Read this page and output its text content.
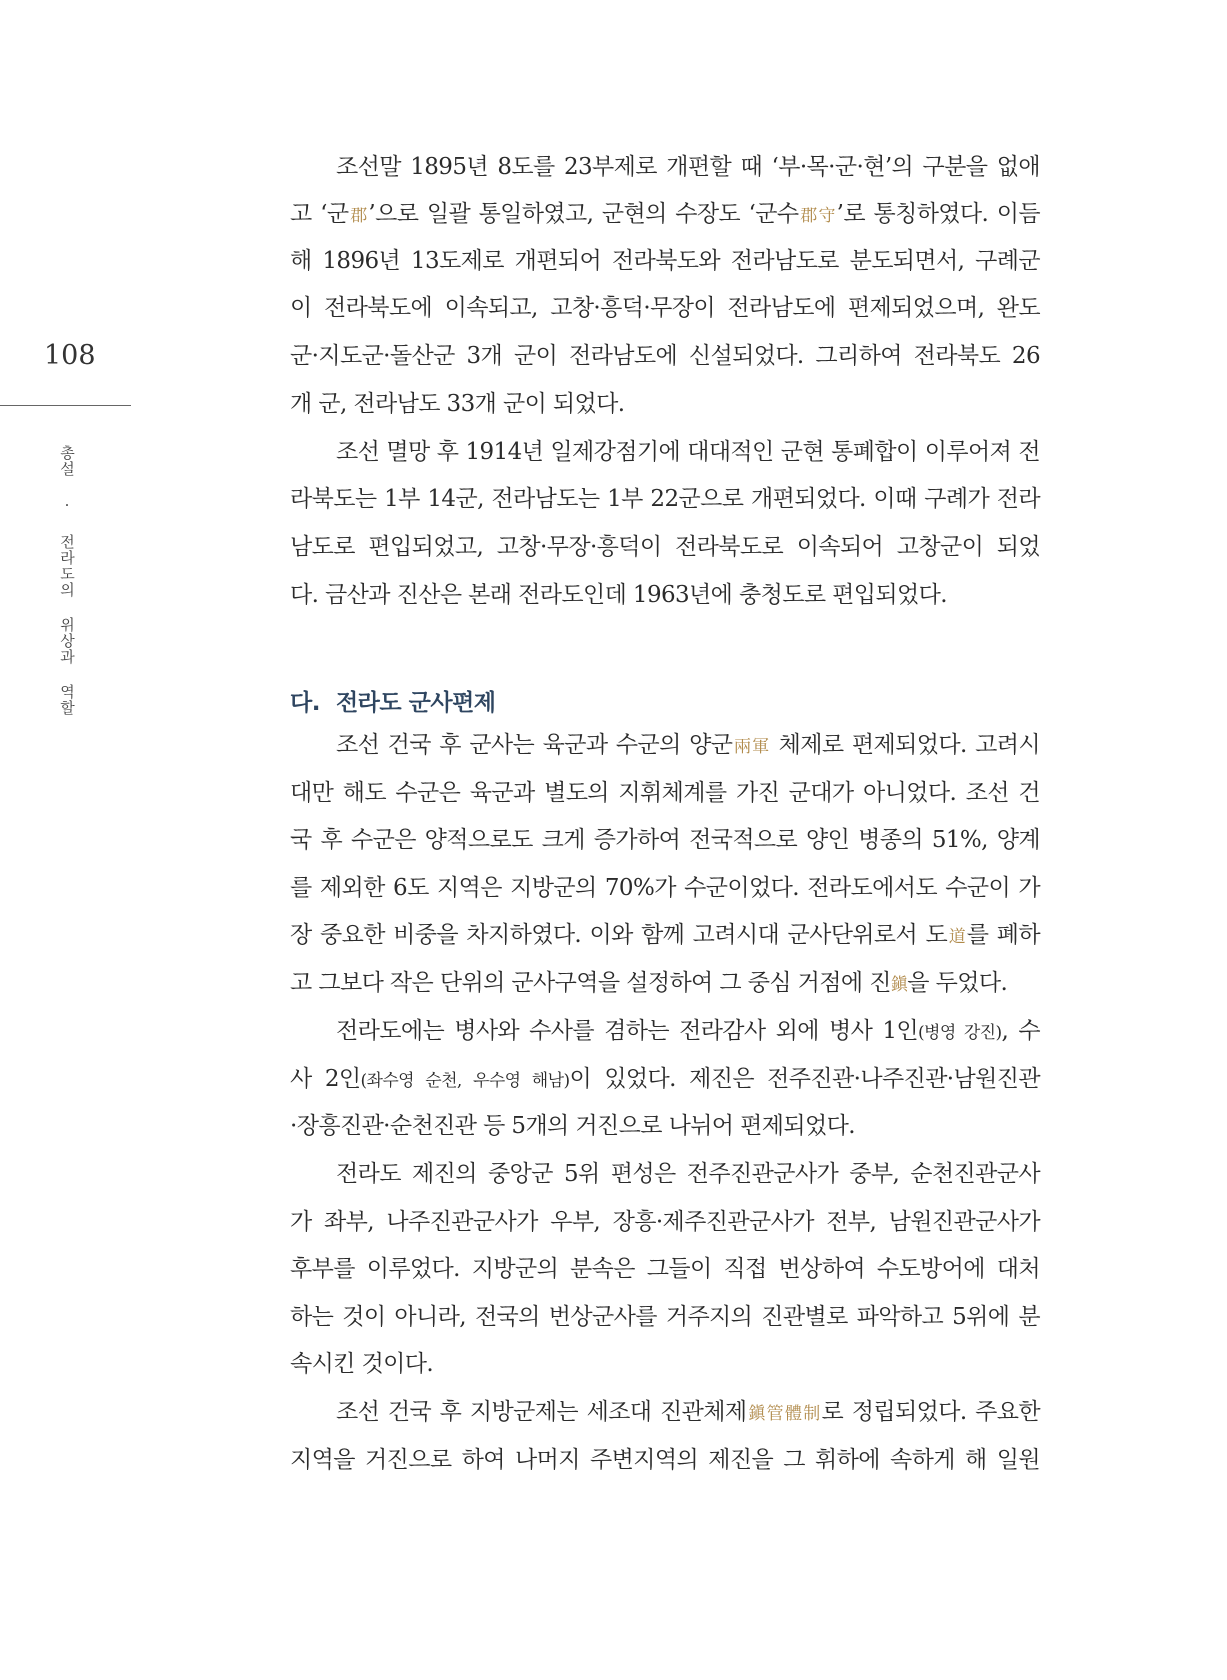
108
총설 · 전라도의 위상과 역할	다. 전라도 군사편제
조선말 1895년 8도를 23부제로 개편할 때 ‘부·목·군·현’의 구분을 없애
고 ‘군郡’으로 일괄 통일하였고, 군현의 수장도 ‘군수郡守’로 통칭하였다. 이듬
해 1896년 13도제로 개편되어 전라북도와 전라남도로 분도되면서, 구례군
이 전라북도에 이속되고, 고창·흥덕·무장이 전라남도에 편제되었으며, 완도
군·지도군·돌산군 3개 군이 전라남도에 신설되었다. 그리하여 전라북도 26
개 군, 전라남도 33개 군이 되었다.
조선 멸망 후 1914년 일제강점기에 대대적인 군현 통폐합이 이루어져 전
라북도는 1부 14군, 전라남도는 1부 22군으로 개편되었다. 이때 구례가 전라
남도로 편입되었고, 고창·무장·흥덕이 전라북도로 이속되어 고창군이 되었
다. 금산과 진산은 본래 전라도인데 1963년에 충청도로 편입되었다.
조선 건국 후 군사는 육군과 수군의 양군兩軍 체제로 편제되었다. 고려시
대만 해도 수군은 육군과 별도의 지휘체계를 가진 군대가 아니었다. 조선 건
국 후 수군은 양적으로도 크게 증가하여 전국적으로 양인 병종의 51%, 양계
를 제외한 6도 지역은 지방군의 70%가 수군이었다. 전라도에서도 수군이 가
장 중요한 비중을 차지하였다. 이와 함께 고려시대 군사단위로서 도道를 폐하
고 그보다 작은 단위의 군사구역을 설정하여 그 중심 거점에 진鎭을 두었다.
전라도에는 병사와 수사를 겸하는 전라감사 외에 병사 1인(병영 강진), 수
사 2인(좌수영 순천, 우수영 해남)이 있었다. 제진은 전주진관·나주진관·남원진관
·장흥진관·순천진관 등 5개의 거진으로 나뉘어 편제되었다.
전라도 제진의 중앙군 5위 편성은 전주진관군사가 중부, 순천진관군사
가 좌부, 나주진관군사가 우부, 장흥·제주진관군사가 전부, 남원진관군사가
후부를 이루었다. 지방군의 분속은 그들이 직접 번상하여 수도방어에 대처
하는 것이 아니라, 전국의 번상군사를 거주지의 진관별로 파악하고 5위에 분
속시킨 것이다.
조선 건국 후 지방군제는 세조대 진관체제鎭管體制로 정립되었다. 주요한
지역을 거진으로 하여 나머지 주변지역의 제진을 그 휘하에 속하게 해 일원
